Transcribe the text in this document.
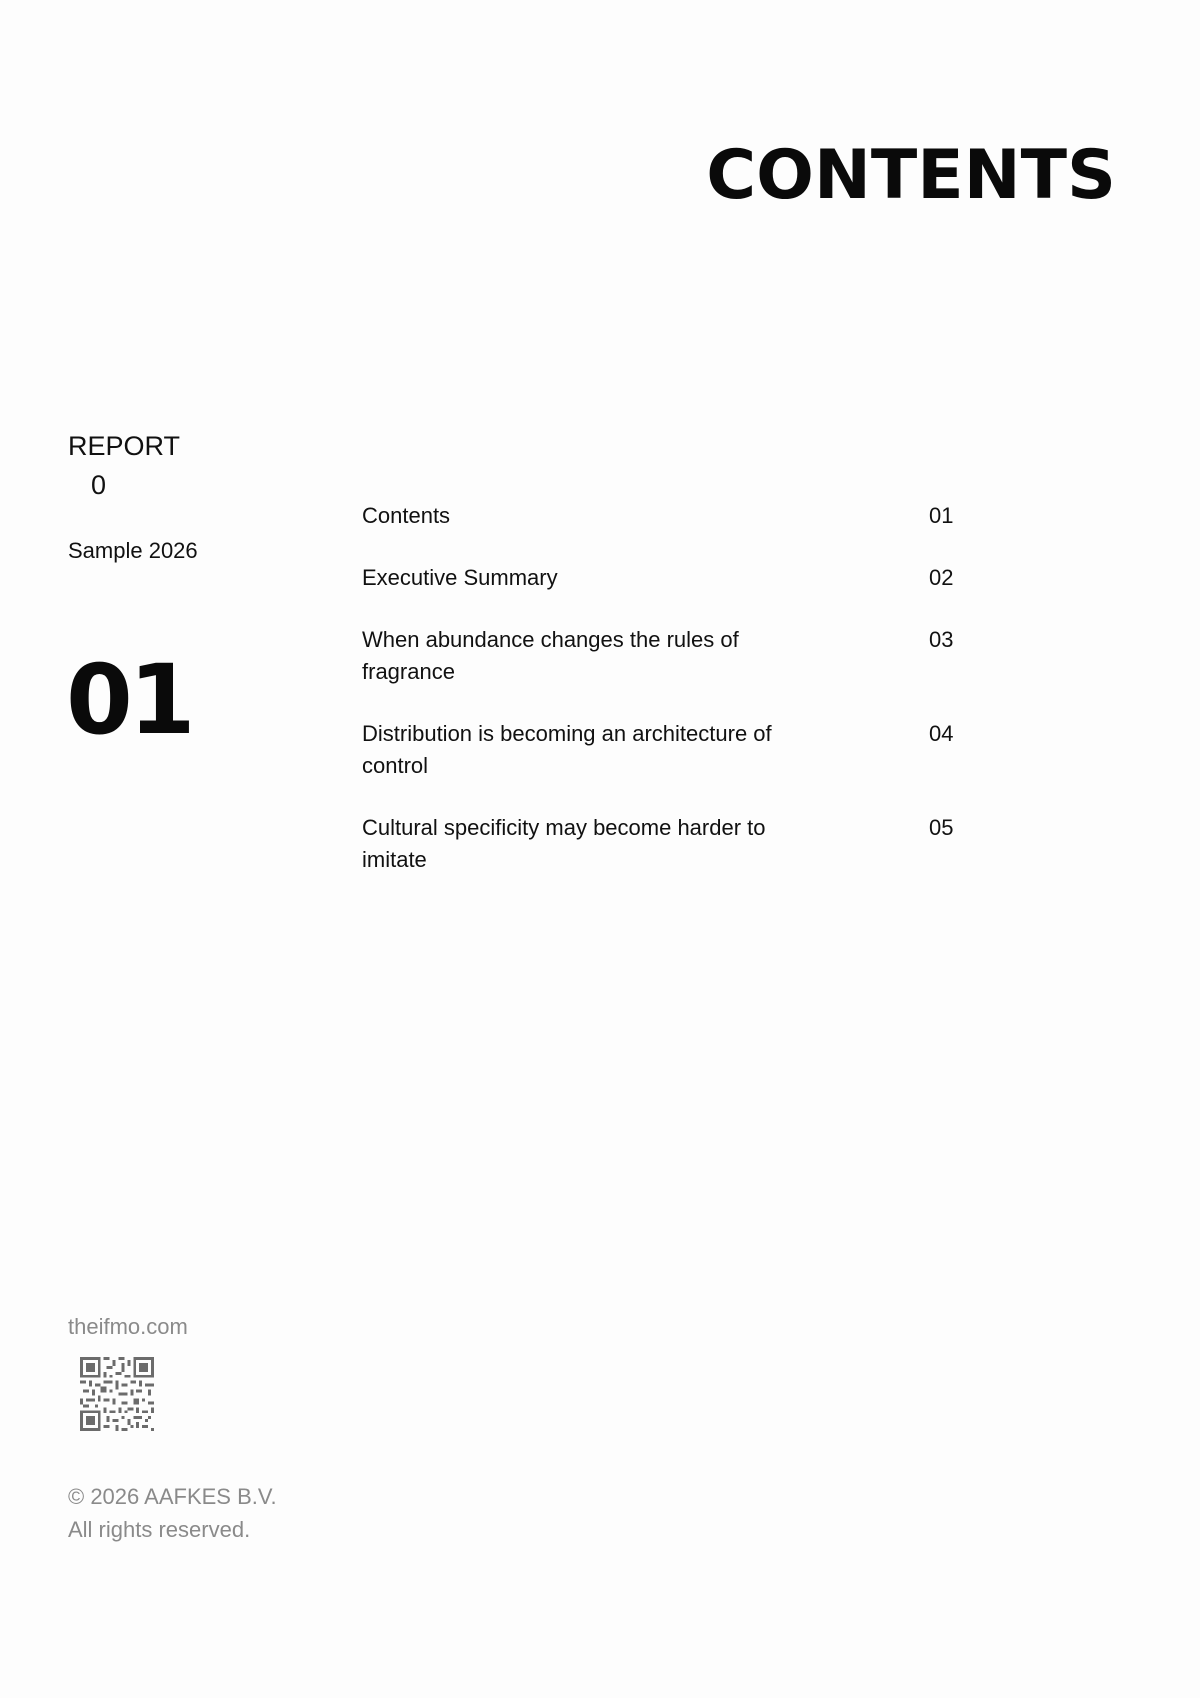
CONTENTS
REPORT
0
Sample 2026
01
Contents	01
Executive Summary	02
When abundance changes the rules of fragrance
03
Distribution is becoming an architecture of control
04
Cultural specificity may become harder to imitate
05
theifmo.com
© 2026 AAFKES B.V.
All rights reserved.
